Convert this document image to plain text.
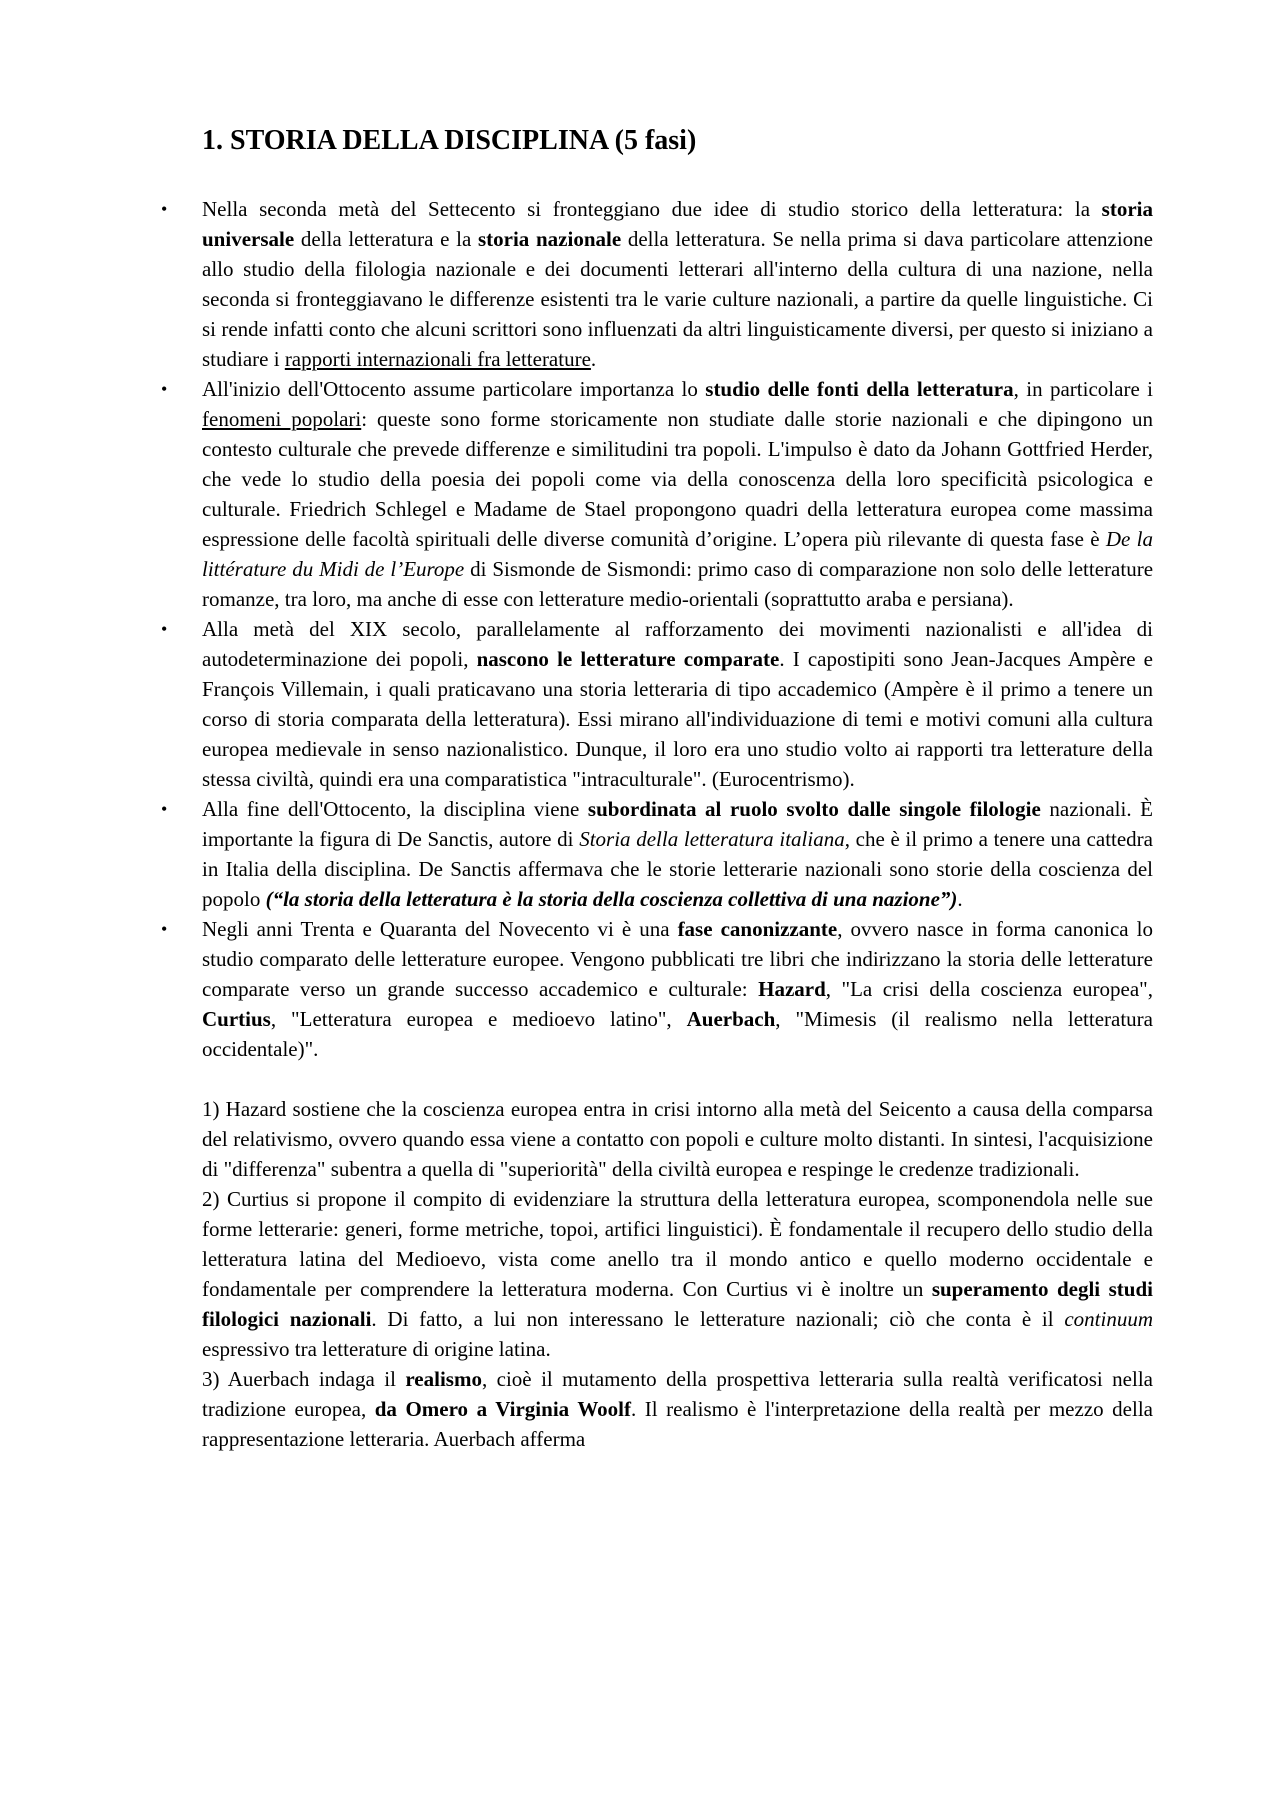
1. STORIA DELLA DISCIPLINA (5 fasi)
• Nella seconda metà del Settecento si fronteggiano due idee di studio storico della letteratura: la storia universale della letteratura e la storia nazionale della letteratura. Se nella prima si dava particolare attenzione allo studio della filologia nazionale e dei documenti letterari all'interno della cultura di una nazione, nella seconda si fronteggiavano le differenze esistenti tra le varie culture nazionali, a partire da quelle linguistiche. Ci si rende infatti conto che alcuni scrittori sono influenzati da altri linguisticamente diversi, per questo si iniziano a studiare i rapporti internazionali fra letterature.

• All'inizio dell'Ottocento assume particolare importanza lo studio delle fonti della letteratura, in particolare i fenomeni popolari: queste sono forme storicamente non studiate dalle storie nazionali e che dipingono un contesto culturale che prevede differenze e similitudini tra popoli. L'impulso è dato da Johann Gottfried Herder, che vede lo studio della poesia dei popoli come via della conoscenza della loro specificità psicologica e culturale. Friedrich Schlegel e Madame de Stael propongono quadri della letteratura europea come massima espressione delle facoltà spirituali delle diverse comunità d’origine. L’opera più rilevante di questa fase è De la littérature du Midi de l’Europe di Sismonde de Sismondi: primo caso di comparazione non solo delle letterature romanze, tra loro, ma anche di esse con letterature medio-orientali (soprattutto araba e persiana).

• Alla metà del XIX secolo, parallelamente al rafforzamento dei movimenti nazionalisti e all'idea di autodeterminazione dei popoli, nascono le letterature comparate. I capostipiti sono Jean-Jacques Ampère e François Villemain, i quali praticavano una storia letteraria di tipo accademico (Ampère è il primo a tenere un corso di storia comparata della letteratura). Essi mirano all'individuazione di temi e motivi comuni alla cultura europea medievale in senso nazionalistico. Dunque, il loro era uno studio volto ai rapporti tra letterature della stessa civiltà, quindi era una comparatistica "intraculturale". (Eurocentrismo).

• Alla fine dell'Ottocento, la disciplina viene subordinata al ruolo svolto dalle singole filologie nazionali. È importante la figura di De Sanctis, autore di Storia della letteratura italiana, che è il primo a tenere una cattedra in Italia della disciplina. De Sanctis affermava che le storie letterarie nazionali sono storie della coscienza del popolo (“la storia della letteratura è la storia della coscienza collettiva di una nazione”).

• Negli anni Trenta e Quaranta del Novecento vi è una fase canonizzante, ovvero nasce in forma canonica lo studio comparato delle letterature europee. Vengono pubblicati tre libri che indirizzano la storia delle letterature comparate verso un grande successo accademico e culturale: Hazard, "La crisi della coscienza europea", Curtius, "Letteratura europea e medioevo latino", Auerbach, "Mimesis (il realismo nella letteratura occidentale)".

1) Hazard sostiene che la coscienza europea entra in crisi intorno alla metà del Seicento a causa della comparsa del relativismo, ovvero quando essa viene a contatto con popoli e culture molto distanti. In sintesi, l'acquisizione di "differenza" subentra a quella di "superiorità" della civiltà europea e respinge le credenze tradizionali.

2) Curtius si propone il compito di evidenziare la struttura della letteratura europea, scomponendola nelle sue forme letterarie: generi, forme metriche, topoi, artifici linguistici). È fondamentale il recupero dello studio della letteratura latina del Medioevo, vista come anello tra il mondo antico e quello moderno occidentale e fondamentale per comprendere la letteratura moderna. Con Curtius vi è inoltre un superamento degli studi filologici nazionali. Di fatto, a lui non interessano le letterature nazionali; ciò che conta è il continuum espressivo tra letterature di origine latina.

3) Auerbach indaga il realismo, cioè il mutamento della prospettiva letteraria sulla realtà verificatosi nella tradizione europea, da Omero a Virginia Woolf. Il realismo è l'interpretazione della realtà per mezzo della rappresentazione letteraria. Auerbach afferma
